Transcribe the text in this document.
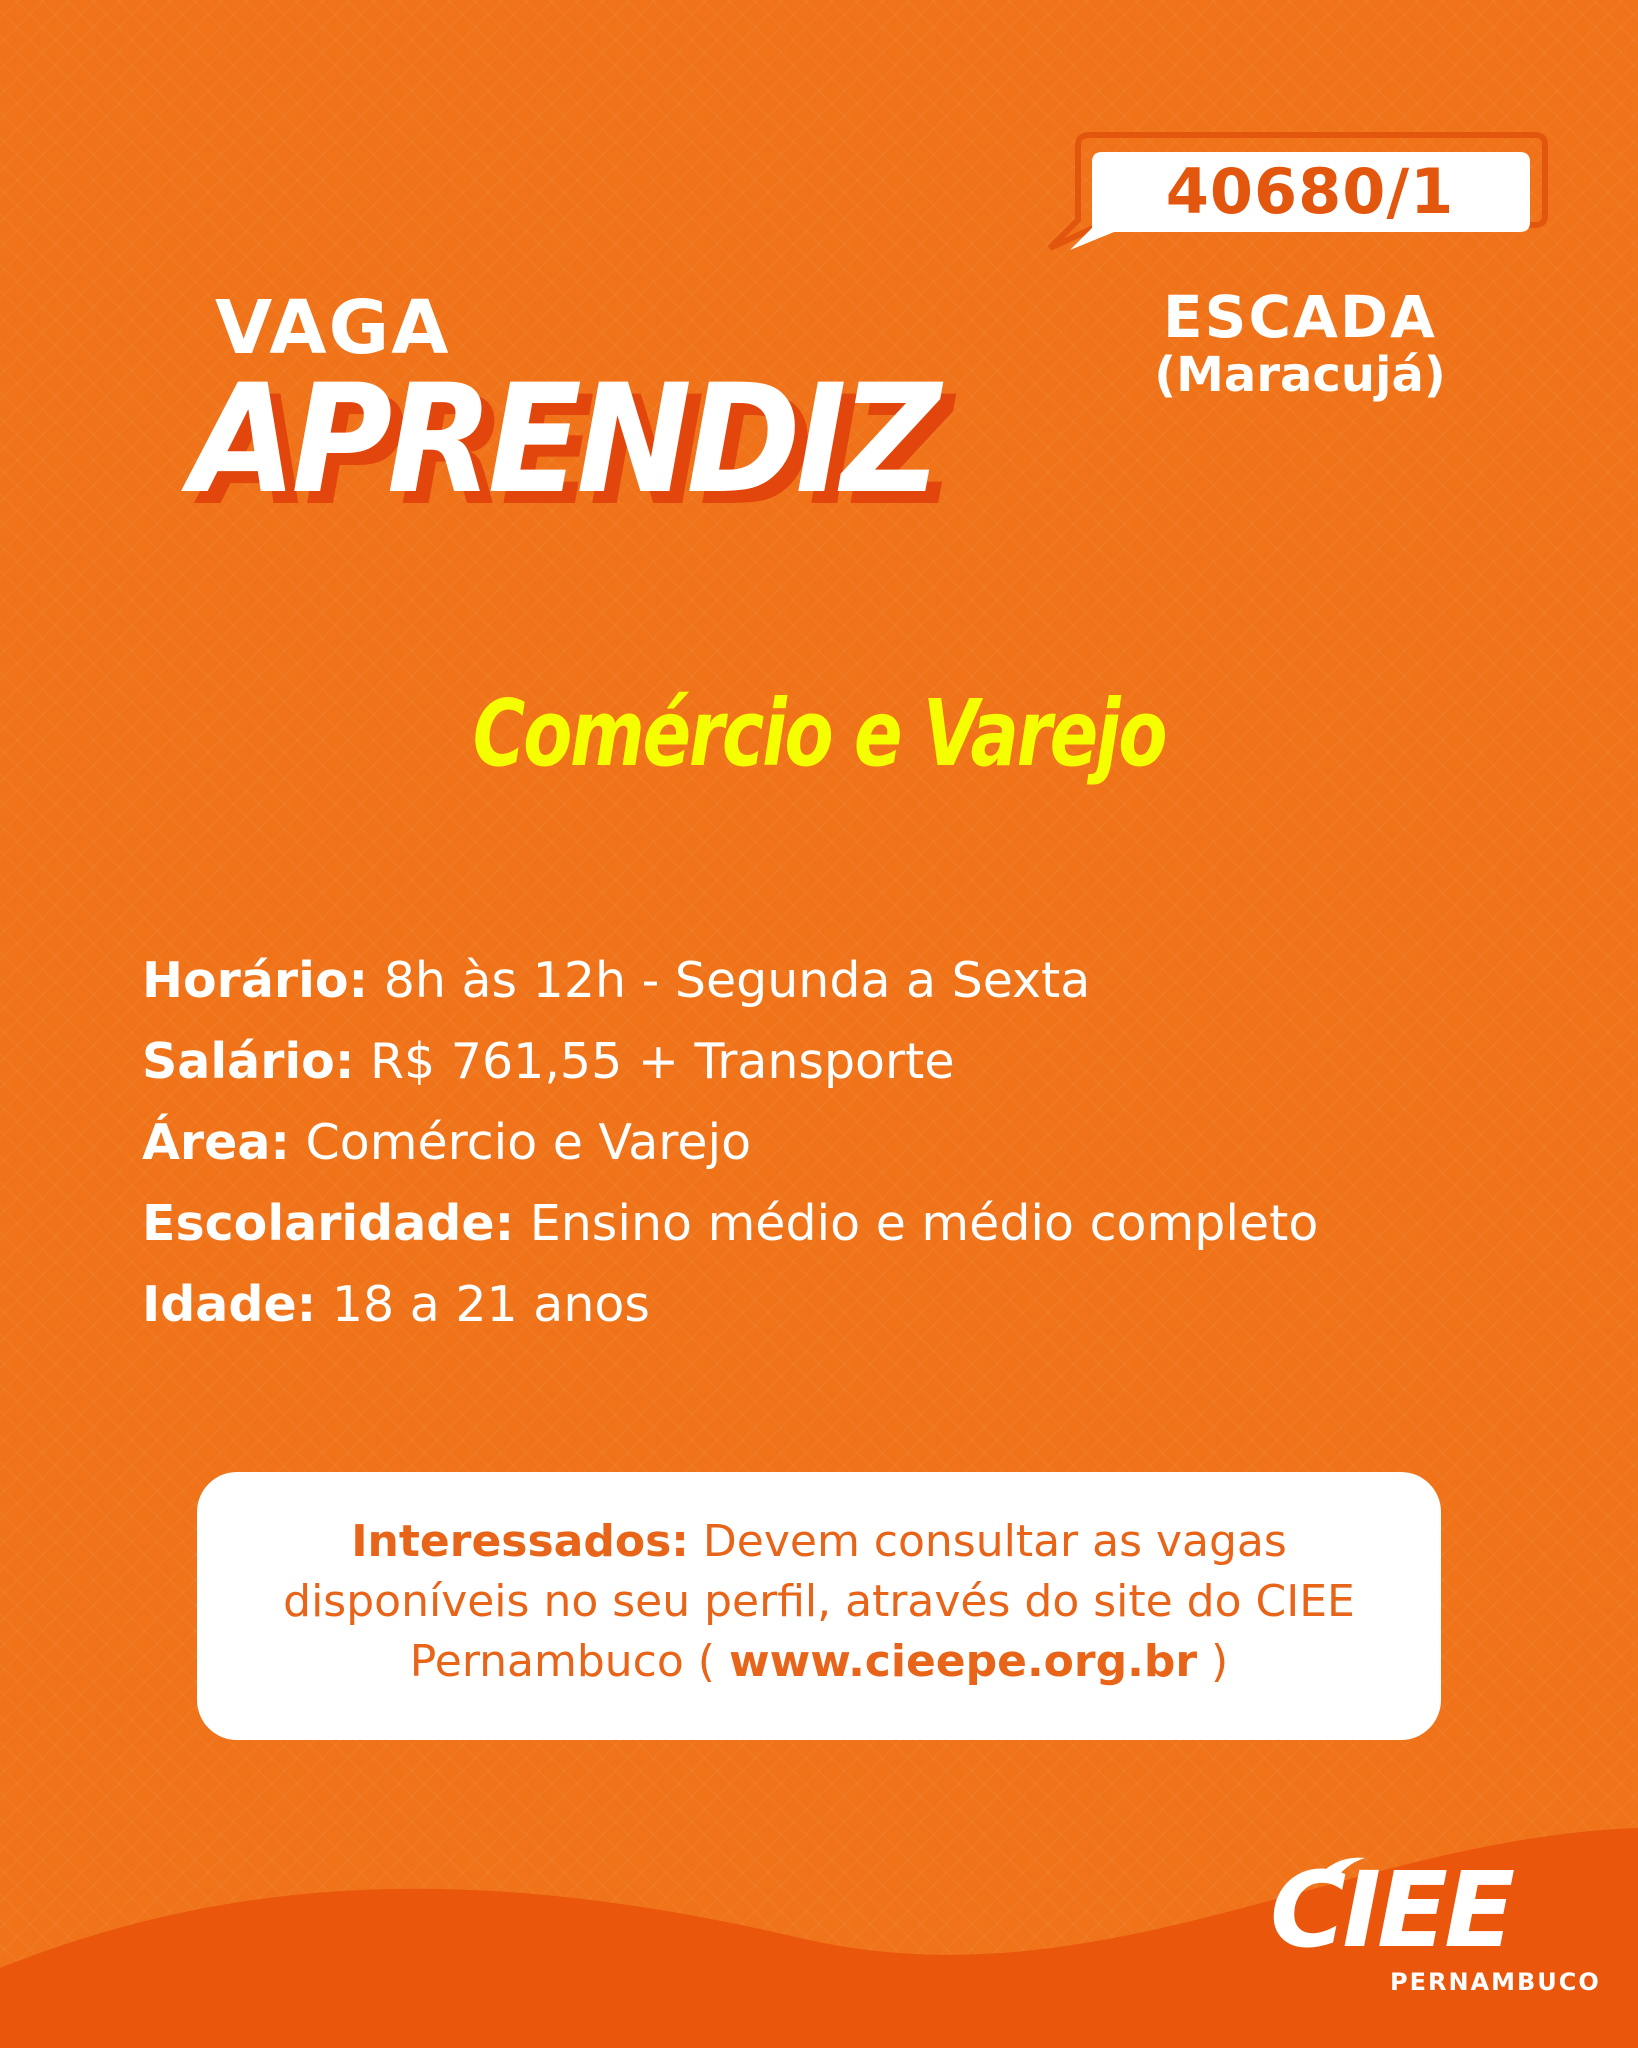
40680/1
ESCADA
(Maracujá)
VAGA
APRENDIZ
Comércio e Varejo
Horário: 8h às 12h - Segunda a Sexta
Salário: R$ 761,55 + Transporte
Área: Comércio e Varejo
Escolaridade: Ensino médio e médio completo
Idade: 18 a 21 anos
Interessados: Devem consultar as vagas disponíveis no seu perfil, através do site do CIEE Pernambuco ( www.cieepe.org.br )
CIEE
PERNAMBUCO
